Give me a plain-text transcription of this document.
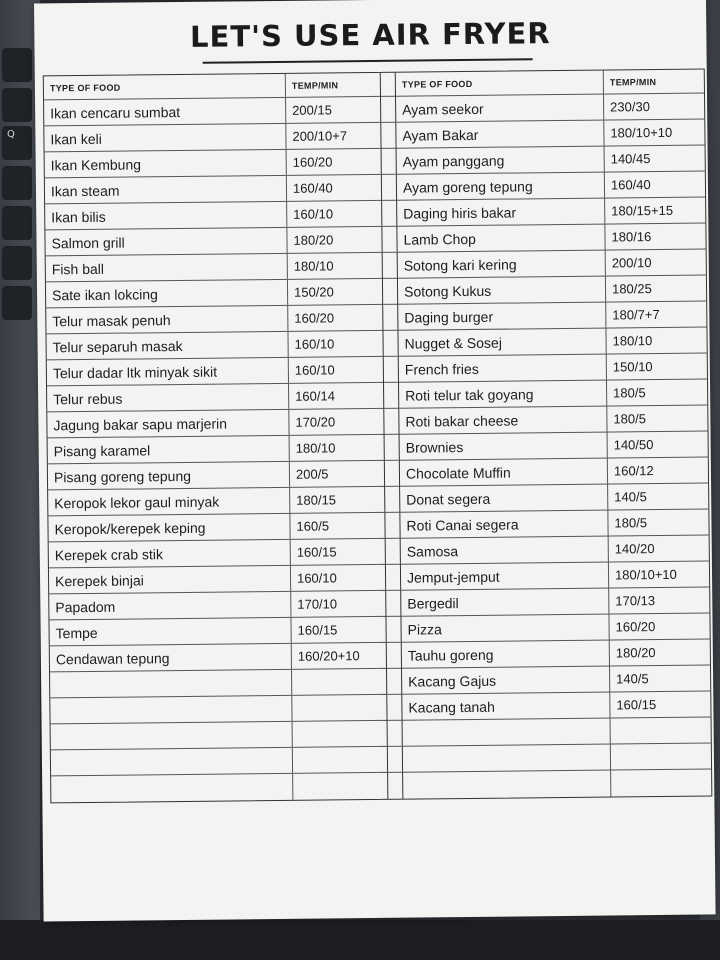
Q
LET'S USE AIR FRYER
TYPE OF FOOD	TEMP/MIN
Ikan cencaru sumbat	200/15
Ikan keli	200/10+7
Ikan Kembung	160/20
Ikan steam	160/40
Ikan bilis	160/10
Salmon grill	180/20
Fish ball	180/10
Sate ikan lokcing	150/20
Telur masak penuh	160/20
Telur separuh masak	160/10
Telur dadar ltk minyak sikit	160/10
Telur rebus	160/14
Jagung bakar sapu marjerin	170/20
Pisang karamel	180/10
Pisang goreng tepung	200/5
Keropok lekor gaul minyak	180/15
Keropok/kerepek keping	160/5
Kerepek crab stik	160/15
Kerepek binjai	160/10
Papadom	170/10
Tempe	160/15
Cendawan tepung	160/20+10
TYPE OF FOOD	TEMP/MIN
Ayam seekor	230/30
Ayam Bakar	180/10+10
Ayam panggang	140/45
Ayam goreng tepung	160/40
Daging hiris bakar	180/15+15
Lamb Chop	180/16
Sotong kari kering	200/10
Sotong Kukus	180/25
Daging burger	180/7+7
Nugget & Sosej	180/10
French fries	150/10
Roti telur tak goyang	180/5
Roti bakar cheese	180/5
Brownies	140/50
Chocolate Muffin	160/12
Donat segera	140/5
Roti Canai segera	180/5
Samosa	140/20
Jemput-jemput	180/10+10
Bergedil	170/13
Pizza	160/20
Tauhu goreng	180/20
Kacang Gajus	140/5
Kacang tanah	160/15
